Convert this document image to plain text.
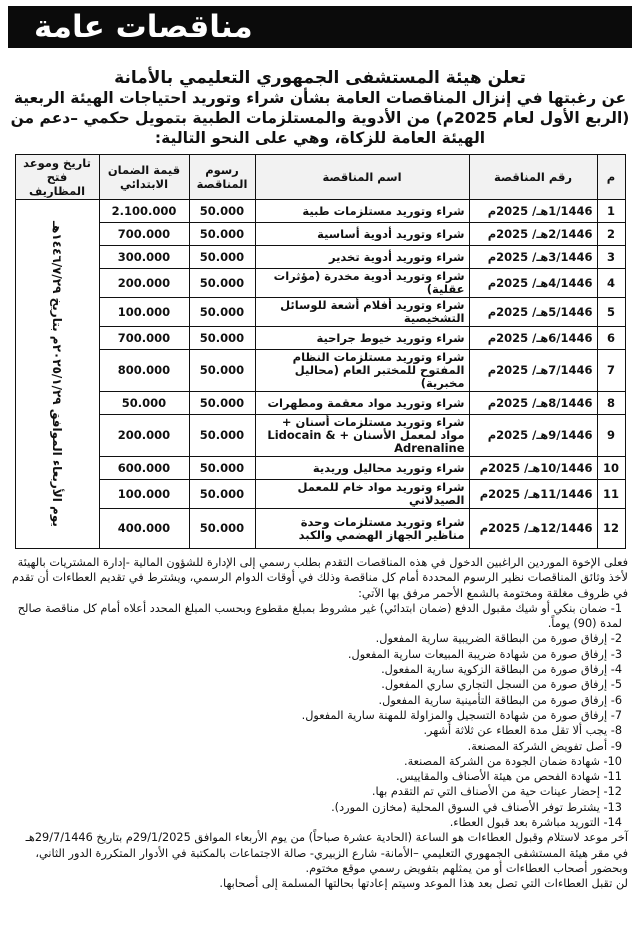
مناقصات عامة
تعلن هيئة المستشفى الجمهوري التعليمي بالأمانة
عن رغبتها في إنزال المناقصات العامة بشأن شراء وتوريد احتياجات الهيئة الربعية
(الربع الأول لعام 2025م) من الأدوية والمستلزمات الطبية بتمويل حكمي –دعم من
الهيئة العامة للزكاة، وهي على النحو التالية:
م	رقم المناقصة	اسم المناقصة	رسوم المناقصة	قيمة الضمان الابتدائي	تاريخ وموعد فتح المظاريف
1	1/1446هـ/ 2025م	شراء وتوريد مستلزمات طبية	50.000	2.100.000	يوم الأربعاء الموافق ٢٠٢٥/١/٢٩م بتاريخ ١٤٤٦/٧/٢٩هـ

2	2/1446هـ/ 2025م	شراء وتوريد أدوية أساسية	50.000	700.000	
3	3/1446هـ/ 2025م	شراء وتوريد أدوية تخدير	50.000	300.000	
4	4/1446هـ/ 2025م	شراء وتوريد أدوية مخدرة (مؤثرات عقلية)	50.000	200.000	
5	5/1446هـ/ 2025م	شراء وتوريد أفلام أشعة للوسائل التشخيصية	50.000	100.000	
6	6/1446هـ/ 2025م	شراء وتوريد خيوط جراحية	50.000	700.000	
7	7/1446هـ/ 2025م	شراء وتوريد مستلزمات النظام المفتوح للمختبر العام (محاليل مخبرية)	50.000	800.000	
8	8/1446هـ/ 2025م	شراء وتوريد مواد معقمة ومطهرات	50.000	50.000	
9	9/1446هـ/ 2025م	شراء وتوريد مستلزمات أسنان + مواد لمعمل الأسنان + Lidocain & Adrenaline	50.000	200.000	
10	10/1446هـ/ 2025م	شراء وتوريد محاليل وريدية	50.000	600.000	
11	11/1446هـ/ 2025م	شراء وتوريد مواد خام للمعمل الصيدلاني	50.000	100.000	
12	12/1446هـ/ 2025م	شراء وتوريد مستلزمات وحدة مناظير الجهاز الهضمي والكبد	50.000	400.000	

فعلى الإخوة الموردين الراغبين الدخول في هذه المناقصات التقدم بطلب رسمي إلى الإدارة للشؤون المالية -إدارة المشتريات بالهيئة لأخذ وثائق المناقصات نظير الرسوم المحددة أمام كل مناقصة وذلك في أوقات الدوام الرسمي، ويشترط في تقديم العطاءات أن تقدم في ظروف مغلقة ومختومة بالشمع الأحمر مرفق بها الآتي:

1- ضمان بنكي أو شيك مقبول الدفع (ضمان ابتدائي) غير مشروط بمبلغ مقطوع وبحسب المبلغ المحدد أعلاه أمام كل مناقصة صالح لمدة (90) يوماً.

2- إرفاق صورة من البطاقة الضريبية سارية المفعول.

3- إرفاق صورة من شهادة ضريبة المبيعات سارية المفعول.

4- إرفاق صورة من البطاقة الزكوية سارية المفعول.

5- إرفاق صورة من السجل التجاري ساري المفعول.

6- إرفاق صورة من البطاقة التأمينية سارية المفعول.

7- إرفاق صورة من شهادة التسجيل والمزاولة للمهنة سارية المفعول.

8- يجب ألا تقل مدة العطاء عن ثلاثة أشهر.

9- أصل تفويض الشركة المصنعة.

10- شهادة ضمان الجودة من الشركة المصنعة.

11- شهادة الفحص من هيئة الأصناف والمقاييس.

12- إحضار عينات حية من الأصناف التي تم التقدم بها.

13- يشترط توفر الأصناف في السوق المحلية (مخازن المورد).

14- التوريد مباشرة بعد قبول العطاء.

آخر موعد لاستلام وقبول العطاءات هو الساعة (الحادية عشرة صباحاً) من يوم الأربعاء الموافق 29/1/2025م بتاريخ 29/7/1446هـ في مقر هيئة المستشفى الجمهوري التعليمي –الأمانة- شارع الزبيري- صالة الاجتماعات بالمكتبة في الأدوار المتكررة الدور الثاني، وبحضور أصحاب العطاءات أو من يمثلهم بتفويض رسمي موقع مختوم.

لن تقبل العطاءات التي تصل بعد هذا الموعد وسيتم إعادتها بحالتها المسلمة إلى أصحابها.
